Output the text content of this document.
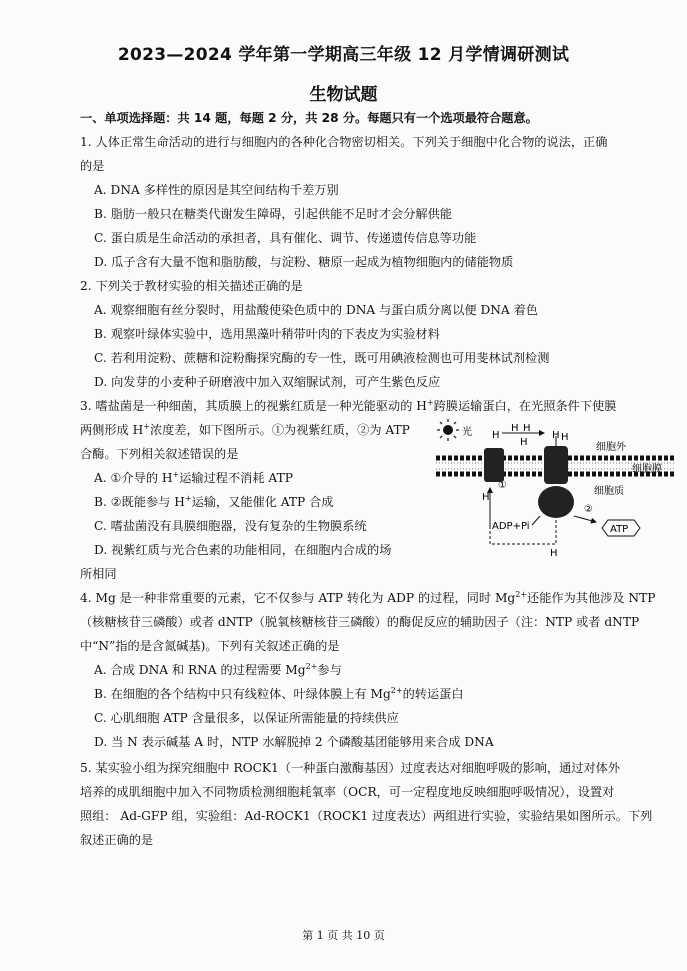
2023—2024 学年第一学期高三年级 12 月学情调研测试
生物试题
一、单项选择题：共 14 题，每题 2 分，共 28 分。每题只有一个选项最符合题意。
1. 人体正常生命活动的进行与细胞内的各种化合物密切相关。下列关于细胞中化合物的说法，正确
的是
A. DNA 多样性的原因是其空间结构千差万别
B. 脂肪一般只在糖类代谢发生障碍，引起供能不足时才会分解供能
C. 蛋白质是生命活动的承担者，具有催化、调节、传递遗传信息等功能
D. 瓜子含有大量不饱和脂肪酸，与淀粉、糖原一起成为植物细胞内的储能物质
2. 下列关于教材实验的相关描述正确的是
A. 观察细胞有丝分裂时，用盐酸使染色质中的 DNA 与蛋白质分离以便 DNA 着色
B. 观察叶绿体实验中，选用黑藻叶稍带叶肉的下表皮为实验材料
C. 若利用淀粉、蔗糖和淀粉酶探究酶的专一性，既可用碘液检测也可用斐林试剂检测
D. 向发芽的小麦种子研磨液中加入双缩脲试剂，可产生紫色反应
3. 嗜盐菌是一种细菌，其质膜上的视紫红质是一种光能驱动的 H+跨膜运输蛋白，在光照条件下使膜
两侧形成 H+浓度差，如下图所示。①为视紫红质，②为 ATP
合酶。下列相关叙述错误的是
A. ①介导的 H+运输过程不消耗 ATP
B. ②既能参与 H+运输，又能催化 ATP 合成
C. 嗜盐菌没有具膜细胞器，没有复杂的生物膜系统
D. 视紫红质与光合色素的功能相同，在细胞内合成的场
所相同
光 H
H H
H
H
细胞外
细胞膜
细胞质
①
H
H
ADP+Pi
②
ATP
H
4. Mg 是一种非常重要的元素，它不仅参与 ATP 转化为 ADP 的过程，同时 $Mg^{2+}$还能作为其他涉及 NTP
（核糖核苷三磷酸）或者 dNTP（脱氧核糖核苷三磷酸）的酶促反应的辅助因子（注：NTP 或者 dNTP
中“N”指的是含氮碱基)。下列有关叙述正确的是
A. 合成 DNA 和 RNA 的过程需要 $Mg^{2+}$参与
B. 在细胞的各个结构中只有线粒体、叶绿体膜上有 $Mg^{2+}$的转运蛋白
C. 心肌细胞 ATP 含量很多，以保证所需能量的持续供应
D. 当 N 表示碱基 A 时，NTP 水解脱掉 2 个磷酸基团能够用来合成 DNA
5. 某实验小组为探究细胞中 ROCK1（一种蛋白激酶基因）过度表达对细胞呼吸的影响，通过对体外
培养的成肌细胞中加入不同物质检测细胞耗氧率（OCR，可一定程度地反映细胞呼吸情况），设置对
照组： Ad-GFP 组，实验组：Ad-ROCK1（ROCK1 过度表达）两组进行实验，实验结果如图所示。下列
叙述正确的是
第 1 页 共 10 页
